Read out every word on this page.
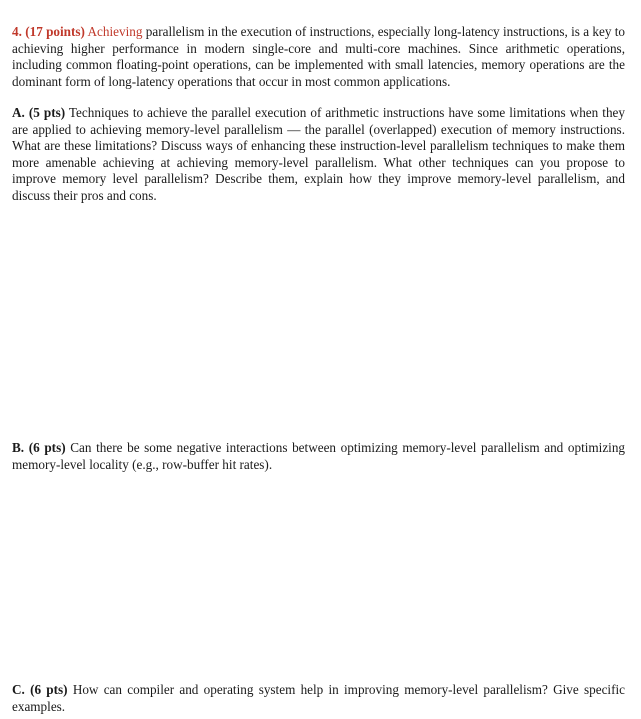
4. (17 points) Achieving parallelism in the execution of instructions, especially long-latency instructions, is a key to achieving higher performance in modern single-core and multi-core machines. Since arithmetic operations, including common floating-point operations, can be implemented with small latencies, memory operations are the dominant form of long-latency operations that occur in most common applications.

A. (5 pts) Techniques to achieve the parallel execution of arithmetic instructions have some limitations when they are applied to achieving memory-level parallelism — the parallel (overlapped) execution of memory instructions. What are these limitations? Discuss ways of enhancing these instruction-level parallelism techniques to make them more amenable achieving at achieving memory-level parallelism. What other techniques can you propose to improve memory level parallelism? Describe them, explain how they improve memory-level parallelism, and discuss their pros and cons.

B. (6 pts) Can there be some negative interactions between optimizing memory-level parallelism and optimizing memory-level locality (e.g., row-buffer hit rates).

C. (6 pts) How can compiler and operating system help in improving memory-level parallelism? Give specific examples.
